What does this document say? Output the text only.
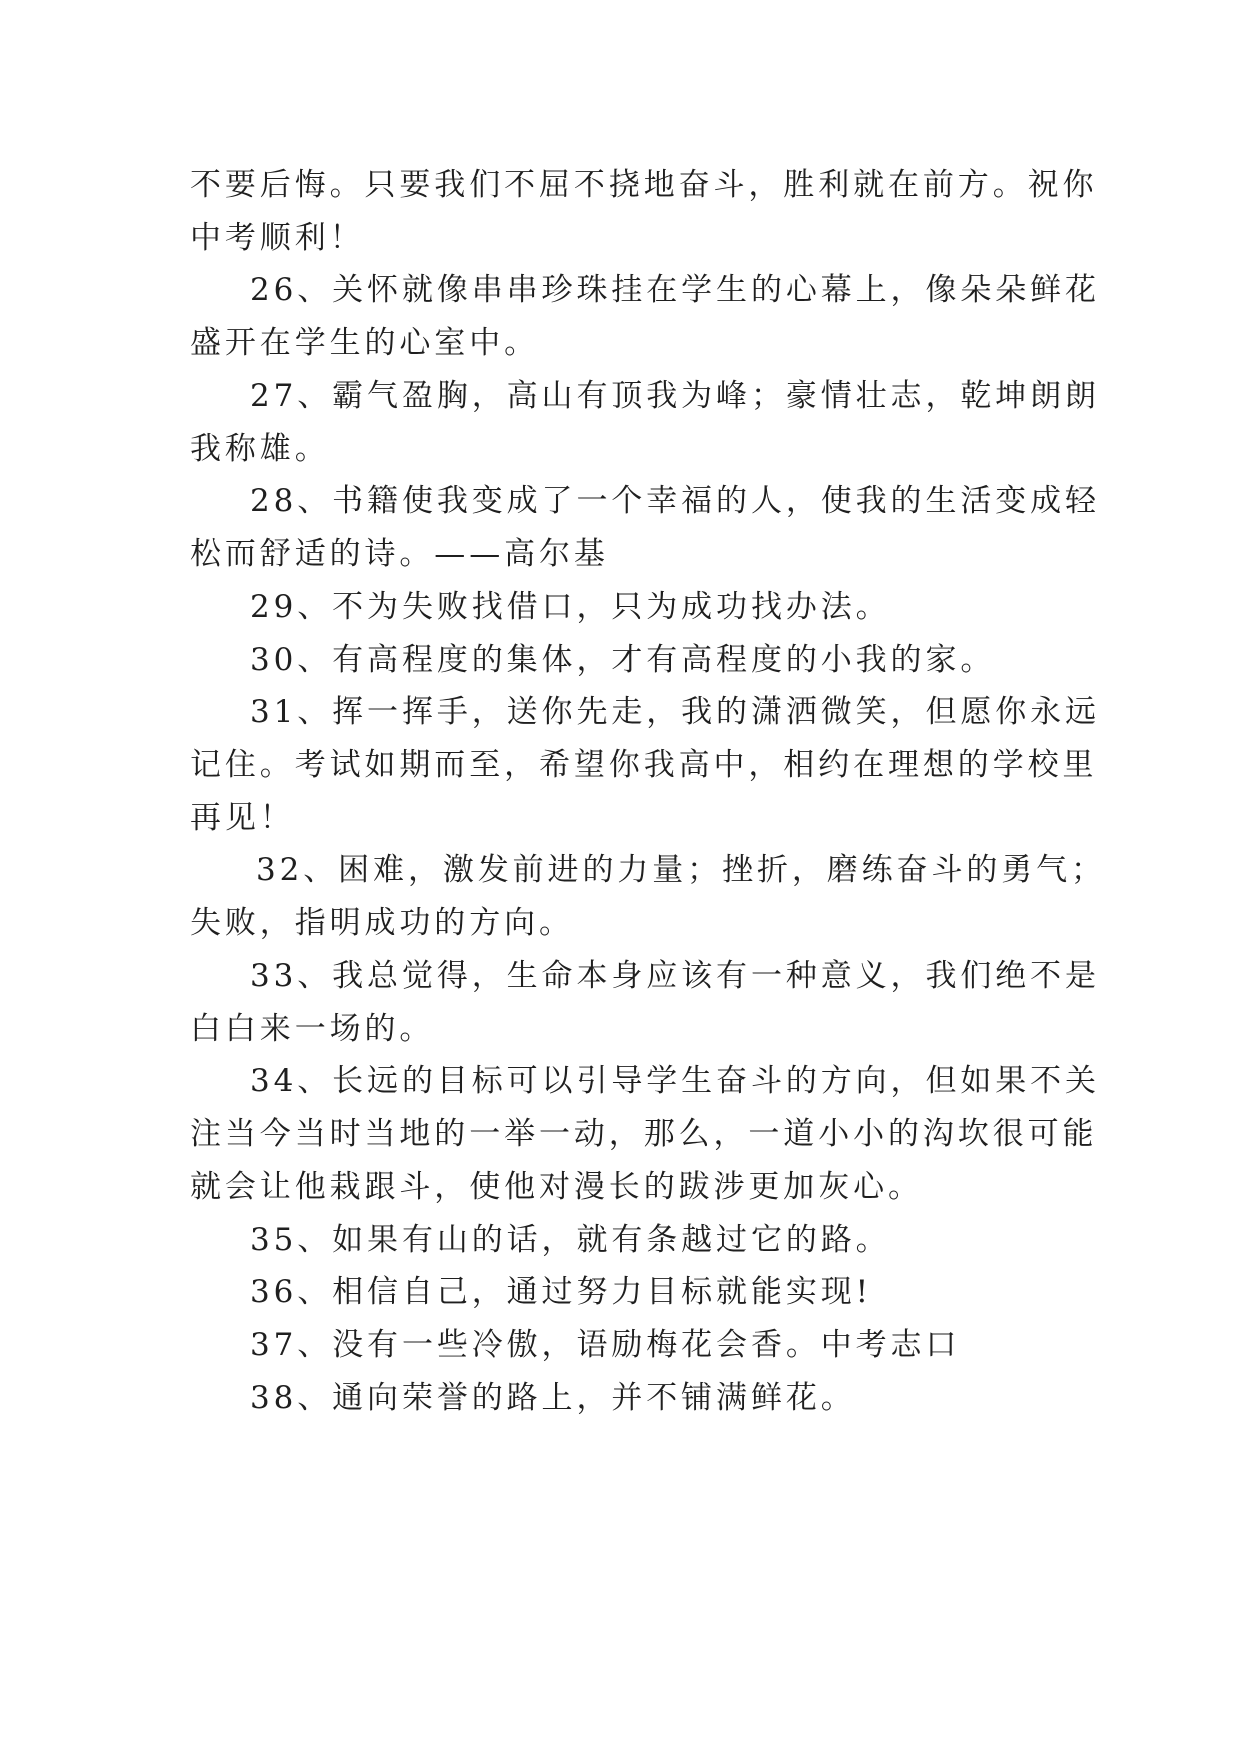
不要后悔。只要我们不屈不挠地奋斗，胜利就在前方。祝你
中考顺利！
26、关怀就像串串珍珠挂在学生的心幕上，像朵朵鲜花
盛开在学生的心室中。
27、霸气盈胸，高山有顶我为峰；豪情壮志，乾坤朗朗
我称雄。
28、书籍使我变成了一个幸福的人，使我的生活变成轻
松而舒适的诗。——高尔基
29、不为失败找借口，只为成功找办法。
30、有高程度的集体，才有高程度的小我的家。
31、挥一挥手，送你先走，我的潇洒微笑，但愿你永远
记住。考试如期而至，希望你我高中，相约在理想的学校里
再见！
32、困难，激发前进的力量；挫折，磨练奋斗的勇气；
失败，指明成功的方向。
33、我总觉得，生命本身应该有一种意义，我们绝不是
白白来一场的。
34、长远的目标可以引导学生奋斗的方向，但如果不关
注当今当时当地的一举一动，那么，一道小小的沟坎很可能
就会让他栽跟斗，使他对漫长的跋涉更加灰心。
35、如果有山的话，就有条越过它的路。
36、相信自己，通过努力目标就能实现!
37、没有一些冷傲，语励梅花会香。中考志口
38、通向荣誉的路上，并不铺满鲜花。
